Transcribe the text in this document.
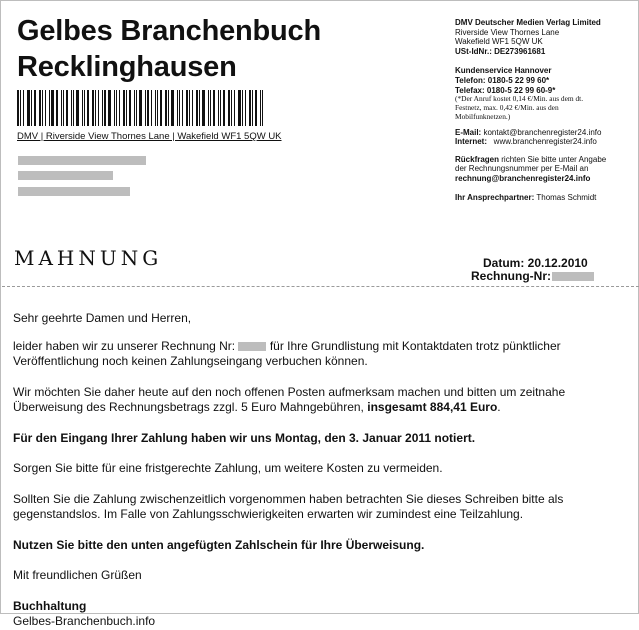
Gelbes Branchenbuch
Recklinghausen
DMV | Riverside View Thornes Lane | Wakefield WF1 5QW UK
MAHNUNG
DMV Deutscher Medien Verlag Limited
Riverside View Thornes Lane
Wakefield WF1 5QW UK
USt-IdNr.: DE273961681
Kundenservice Hannover
Telefon: 0180-5 22 99 60*
Telefax: 0180-5 22 99 60-9*
(*Der Anruf kostet 0,14 €/Min. aus dem dt.
Festnetz, max. 0,42 €/Min. aus den
Mobilfunknetzen.)
E-Mail: kontakt@branchenregister24.info
Internet: www.branchenregister24.info
Rückfragen richten Sie bitte unter Angabe
der Rechnungsnummer per E-Mail an
rechnung@branchenregister24.info
Ihr Ansprechpartner: Thomas Schmidt
Datum: 20.12.2010
Rechnung-Nr:

Sehr geehrte Damen und Herren,

leider haben wir zu unserer Rechnung Nr:	für Ihre Grundlistung mit Kontaktdaten trotz pünktlicher
Veröffentlichung noch keinen Zahlungseingang verbuchen können.

Wir möchten Sie daher heute auf den noch offenen Posten aufmerksam machen und bitten um zeitnahe
Überweisung des Rechnungsbetrags zzgl. 5 Euro Mahngebühren, insgesamt 884,41 Euro.

Für den Eingang Ihrer Zahlung haben wir uns Montag, den 3. Januar 2011 notiert.

Sorgen Sie bitte für eine fristgerechte Zahlung, um weitere Kosten zu vermeiden.

Sollten Sie die Zahlung zwischenzeitlich vorgenommen haben betrachten Sie dieses Schreiben bitte als
gegenstandslos. Im Falle von Zahlungsschwierigkeiten erwarten wir zumindest eine Teilzahlung.

Nutzen Sie bitte den unten angefügten Zahlschein für Ihre Überweisung.

Mit freundlichen Grüßen

Buchhaltung

Gelbes-Branchenbuch.info
